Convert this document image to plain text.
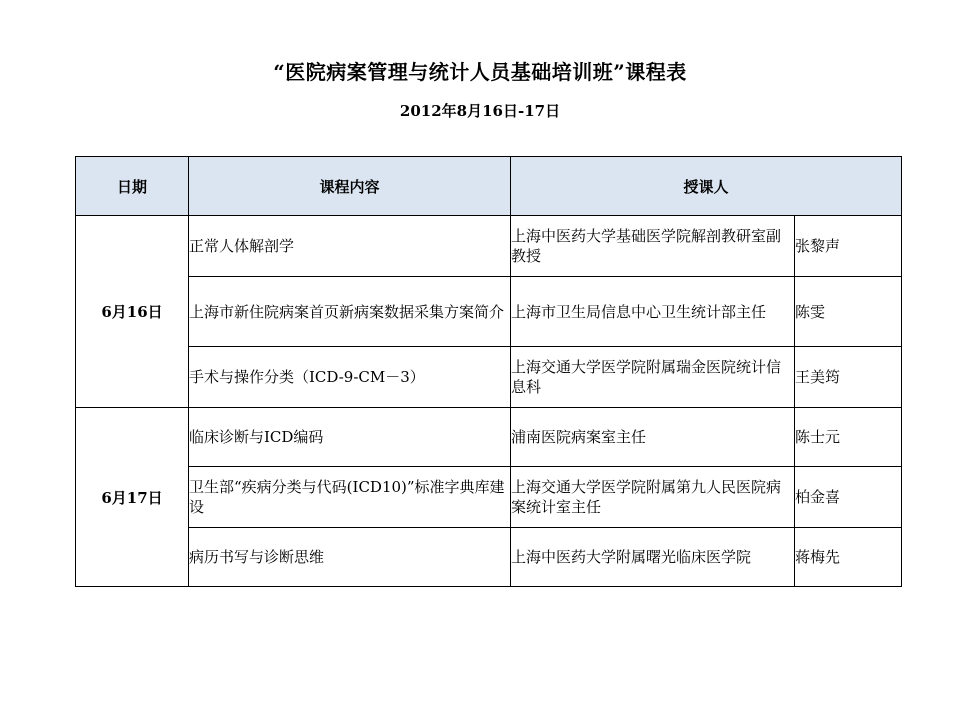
“医院病案管理与统计人员基础培训班”课程表
2012年8月16日-17日
日期	课程内容	授课人	
6月16日	正常人体解剖学	上海中医药大学基础医学院解剖教研室副教授	张黎声
	上海市新住院病案首页新病案数据采集方案简介	上海市卫生局信息中心卫生统计部主任	陈雯
	手术与操作分类（ICD-9-CM－3）	上海交通大学医学院附属瑞金医院统计信息科	王美筠
6月17日	临床诊断与ICD编码	浦南医院病案室主任	陈士元
	卫生部“疾病分类与代码(ICD10)”标准字典库建设	上海交通大学医学院附属第九人民医院病案统计室主任	柏金喜
	病历书写与诊断思维	上海中医药大学附属曙光临床医学院	蒋梅先
